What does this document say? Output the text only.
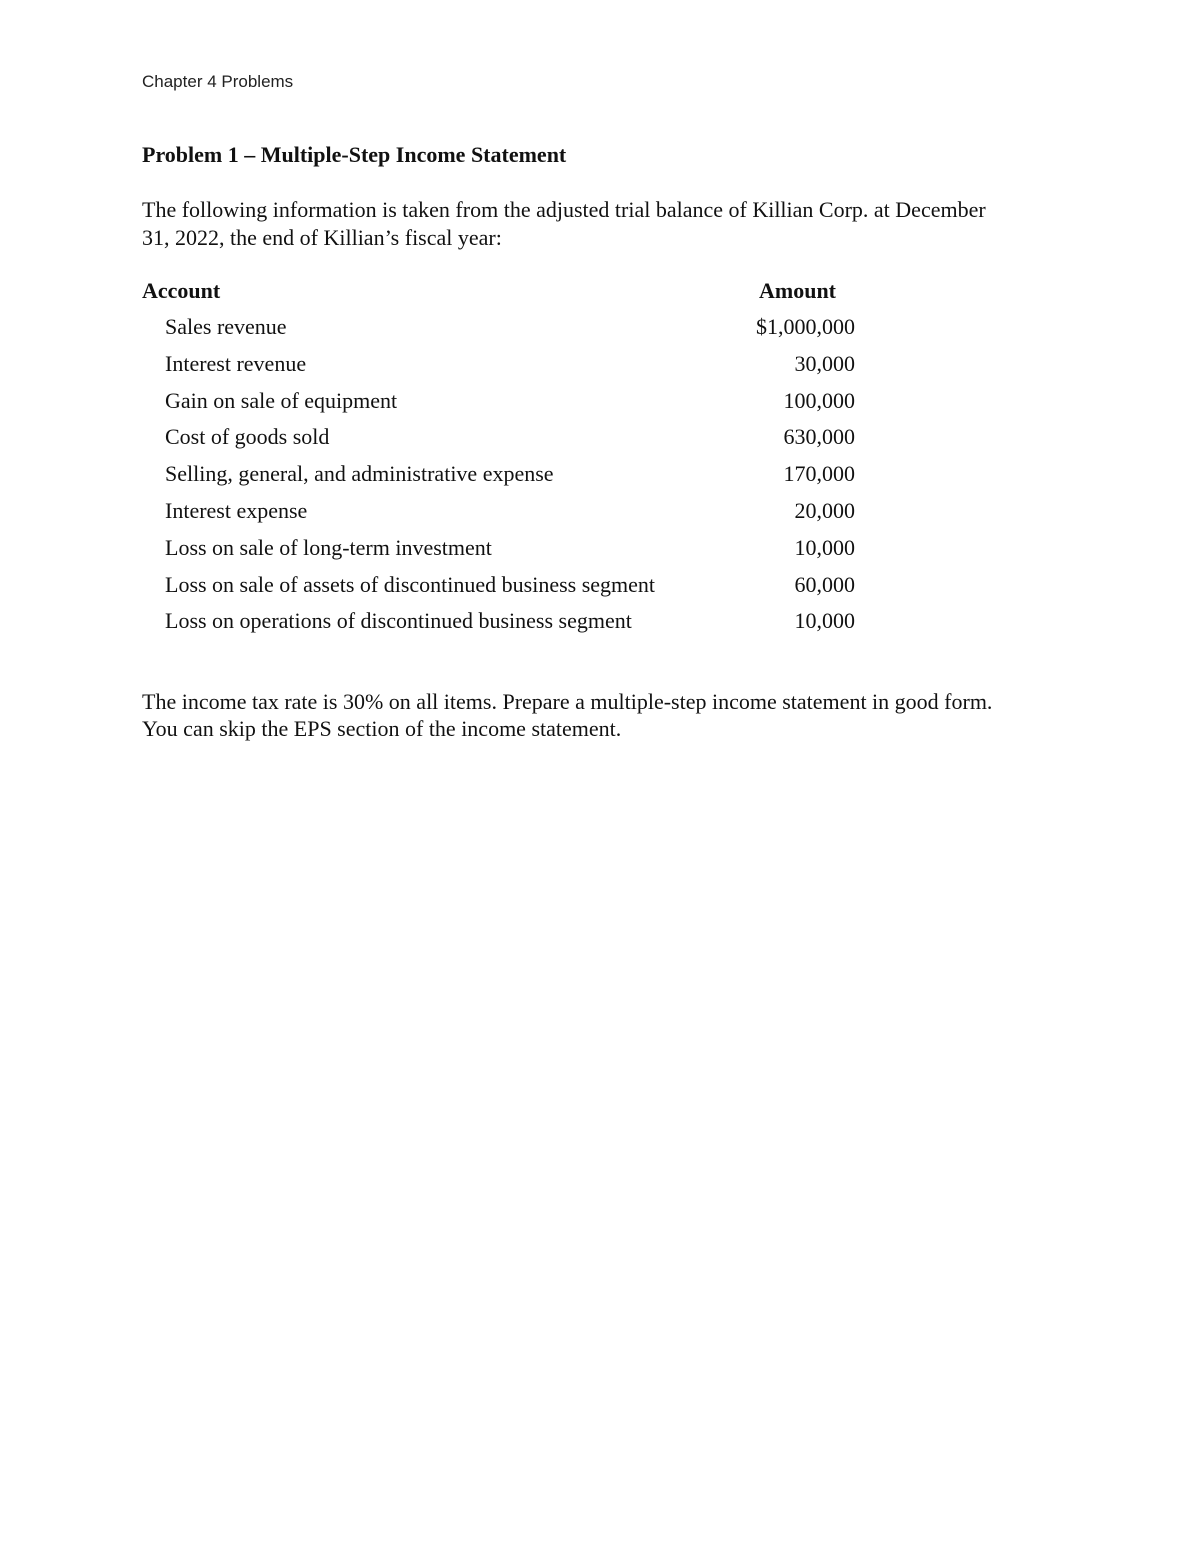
Chapter 4 Problems
Problem 1 – Multiple-Step Income Statement
The following information is taken from the adjusted trial balance of Killian Corp. at December
31, 2022, the end of Killian’s fiscal year:
Account	Amount
Sales revenue	$1,000,000
Interest revenue	30,000
Gain on sale of equipment	100,000
Cost of goods sold	630,000
Selling, general, and administrative expense	170,000
Interest expense	20,000
Loss on sale of long-term investment	10,000
Loss on sale of assets of discontinued business segment	60,000
Loss on operations of discontinued business segment	10,000
The income tax rate is 30% on all items. Prepare a multiple-step income statement in good form.
You can skip the EPS section of the income statement.
